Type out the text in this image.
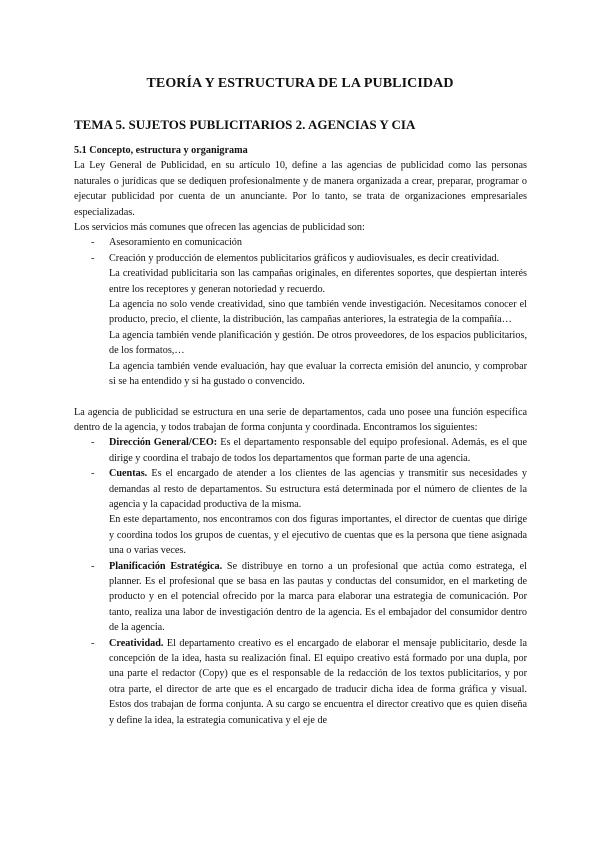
TEORÍA Y ESTRUCTURA DE LA PUBLICIDAD
TEMA 5. SUJETOS PUBLICITARIOS 2. AGENCIAS Y CIA

5.1 Concepto, estructura y organigrama

La Ley General de Publicidad, en su artículo 10, define a las agencias de publicidad como las personas naturales o jurídicas que se dediquen profesionalmente y de manera organizada a crear, preparar, programar o ejecutar publicidad por cuenta de un anunciante. Por lo tanto, se trata de organizaciones empresariales especializadas.

Los servicios más comunes que ofrecen las agencias de publicidad son:

- Asesoramiento en comunicación
- Creación y producción de elementos publicitarios gráficos y audiovisuales, es decir creatividad.

La creatividad publicitaria son las campañas originales, en diferentes soportes, que despiertan interés entre los receptores y generan notoriedad y recuerdo.

La agencia no solo vende creatividad, sino que también vende investigación. Necesitamos conocer el producto, precio, el cliente, la distribución, las campañas anteriores, la estrategia de la compañía…

La agencia también vende planificación y gestión. De otros proveedores, de los espacios publicitarios, de los formatos,…

La agencia también vende evaluación, hay que evaluar la correcta emisión del anuncio, y comprobar si se ha entendido y si ha gustado o convencido.

La agencia de publicidad se estructura en una serie de departamentos, cada uno posee una función específica dentro de la agencia, y todos trabajan de forma conjunta y coordinada. Encontramos los siguientes:

- Dirección General/CEO: Es el departamento responsable del equipo profesional. Además, es el que dirige y coordina el trabajo de todos los departamentos que forman parte de una agencia.
- Cuentas. Es el encargado de atender a los clientes de las agencias y transmitir sus necesidades y demandas al resto de departamentos. Su estructura está determinada por el número de clientes de la agencia y la capacidad productiva de la misma.

En este departamento, nos encontramos con dos figuras importantes, el director de cuentas que dirige y coordina todos los grupos de cuentas, y el ejecutivo de cuentas que es la persona que tiene asignada una o varias veces.

- Planificación Estratégica. Se distribuye en torno a un profesional que actúa como estratega, el planner. Es el profesional que se basa en las pautas y conductas del consumidor, en el marketing de producto y en el potencial ofrecido por la marca para elaborar una estrategia de comunicación. Por tanto, realiza una labor de investigación dentro de la agencia. Es el embajador del consumidor dentro de la agencia.
- Creatividad. El departamento creativo es el encargado de elaborar el mensaje publicitario, desde la concepción de la idea, hasta su realización final. El equipo creativo está formado por una dupla, por una parte el redactor (Copy) que es el responsable de la redacción de los textos publicitarios, y por otra parte, el director de arte que es el encargado de traducir dicha idea de forma gráfica y visual. Estos dos trabajan de forma conjunta. A su cargo se encuentra el director creativo que es quien diseña y define la idea, la estrategia comunicativa y el eje de
